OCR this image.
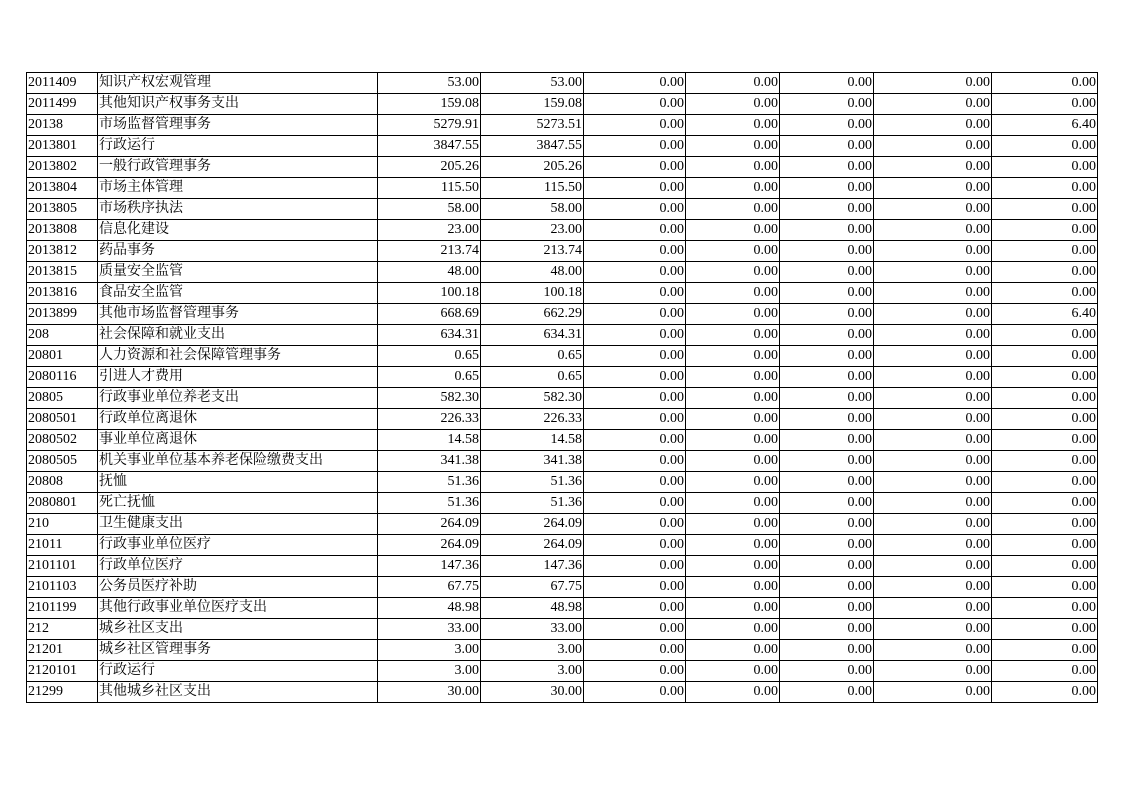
2011409	知识产权宏观管理	53.00	53.00	0.00	0.00	0.00	0.00	0.00
2011499	其他知识产权事务支出	159.08	159.08	0.00	0.00	0.00	0.00	0.00
20138	市场监督管理事务	5279.91	5273.51	0.00	0.00	0.00	0.00	6.40
2013801	行政运行	3847.55	3847.55	0.00	0.00	0.00	0.00	0.00
2013802	一般行政管理事务	205.26	205.26	0.00	0.00	0.00	0.00	0.00
2013804	市场主体管理	115.50	115.50	0.00	0.00	0.00	0.00	0.00
2013805	市场秩序执法	58.00	58.00	0.00	0.00	0.00	0.00	0.00
2013808	信息化建设	23.00	23.00	0.00	0.00	0.00	0.00	0.00
2013812	药品事务	213.74	213.74	0.00	0.00	0.00	0.00	0.00
2013815	质量安全监管	48.00	48.00	0.00	0.00	0.00	0.00	0.00
2013816	食品安全监管	100.18	100.18	0.00	0.00	0.00	0.00	0.00
2013899	其他市场监督管理事务	668.69	662.29	0.00	0.00	0.00	0.00	6.40
208	社会保障和就业支出	634.31	634.31	0.00	0.00	0.00	0.00	0.00
20801	人力资源和社会保障管理事务	0.65	0.65	0.00	0.00	0.00	0.00	0.00
2080116	引进人才费用	0.65	0.65	0.00	0.00	0.00	0.00	0.00
20805	行政事业单位养老支出	582.30	582.30	0.00	0.00	0.00	0.00	0.00
2080501	行政单位离退休	226.33	226.33	0.00	0.00	0.00	0.00	0.00
2080502	事业单位离退休	14.58	14.58	0.00	0.00	0.00	0.00	0.00
2080505	机关事业单位基本养老保险缴费支出	341.38	341.38	0.00	0.00	0.00	0.00	0.00
20808	抚恤	51.36	51.36	0.00	0.00	0.00	0.00	0.00
2080801	死亡抚恤	51.36	51.36	0.00	0.00	0.00	0.00	0.00
210	卫生健康支出	264.09	264.09	0.00	0.00	0.00	0.00	0.00
21011	行政事业单位医疗	264.09	264.09	0.00	0.00	0.00	0.00	0.00
2101101	行政单位医疗	147.36	147.36	0.00	0.00	0.00	0.00	0.00
2101103	公务员医疗补助	67.75	67.75	0.00	0.00	0.00	0.00	0.00
2101199	其他行政事业单位医疗支出	48.98	48.98	0.00	0.00	0.00	0.00	0.00
212	城乡社区支出	33.00	33.00	0.00	0.00	0.00	0.00	0.00
21201	城乡社区管理事务	3.00	3.00	0.00	0.00	0.00	0.00	0.00
2120101	行政运行	3.00	3.00	0.00	0.00	0.00	0.00	0.00
21299	其他城乡社区支出	30.00	30.00	0.00	0.00	0.00	0.00	0.00
